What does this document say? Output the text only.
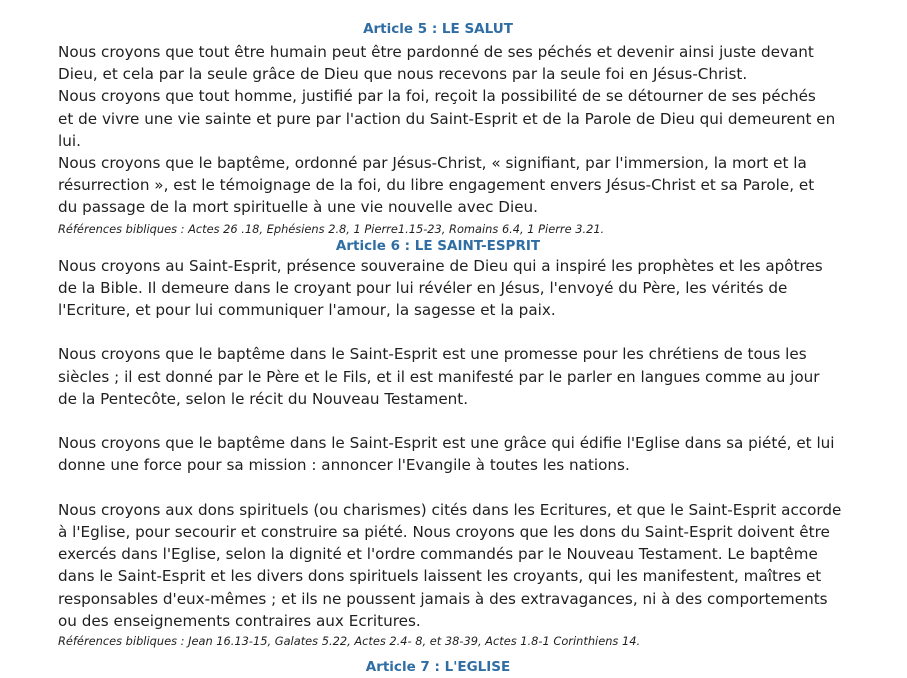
Article 5 : LE SALUT
Nous croyons que tout être humain peut être pardonné de ses péchés et devenir ainsi juste devant
Dieu, et cela par la seule grâce de Dieu que nous recevons par la seule foi en Jésus-Christ.
Nous croyons que tout homme, justifié par la foi, reçoit la possibilité de se détourner de ses péchés
et de vivre une vie sainte et pure par l'action du Saint-Esprit et de la Parole de Dieu qui demeurent en
lui.
Nous croyons que le baptême, ordonné par Jésus-Christ, « signifiant, par l'immersion, la mort et la
résurrection », est le témoignage de la foi, du libre engagement envers Jésus-Christ et sa Parole, et
du passage de la mort spirituelle à une vie nouvelle avec Dieu.
Références bibliques : Actes 26 .18, Ephésiens 2.8, 1 Pierre1.15-23, Romains 6.4, 1 Pierre 3.21.
Article 6 : LE SAINT-ESPRIT
Nous croyons au Saint-Esprit, présence souveraine de Dieu qui a inspiré les prophètes et les apôtres
de la Bible. Il demeure dans le croyant pour lui révéler en Jésus, l'envoyé du Père, les vérités de
l'Ecriture, et pour lui communiquer l'amour, la sagesse et la paix.
Nous croyons que le baptême dans le Saint-Esprit est une promesse pour les chrétiens de tous les
siècles ; il est donné par le Père et le Fils, et il est manifesté par le parler en langues comme au jour
de la Pentecôte, selon le récit du Nouveau Testament.
Nous croyons que le baptême dans le Saint-Esprit est une grâce qui édifie l'Eglise dans sa piété, et lui
donne une force pour sa mission : annoncer l'Evangile à toutes les nations.
Nous croyons aux dons spirituels (ou charismes) cités dans les Ecritures, et que le Saint-Esprit accorde
à l'Eglise, pour secourir et construire sa piété. Nous croyons que les dons du Saint-Esprit doivent être
exercés dans l'Eglise, selon la dignité et l'ordre commandés par le Nouveau Testament. Le baptême
dans le Saint-Esprit et les divers dons spirituels laissent les croyants, qui les manifestent, maîtres et
responsables d'eux-mêmes ; et ils ne poussent jamais à des extravagances, ni à des comportements
ou des enseignements contraires aux Ecritures.
Références bibliques : Jean 16.13-15, Galates 5.22, Actes 2.4- 8, et 38-39, Actes 1.8-1 Corinthiens 14.
Article 7 : L'EGLISE
